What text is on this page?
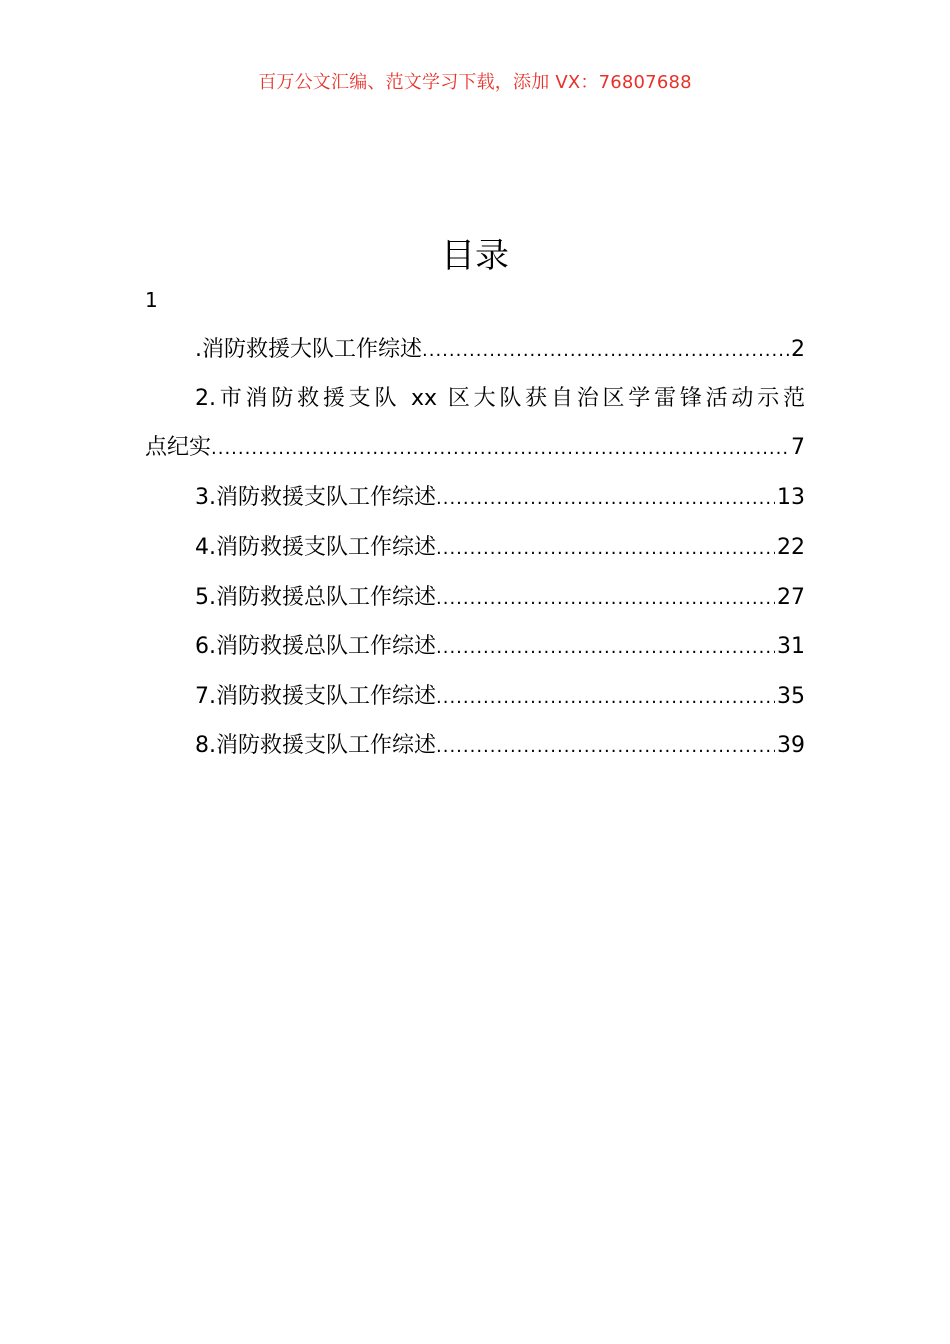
百万公文汇编、范文学习下载，添加 VX：76807688
目录
1
.消防救援大队工作综述 .....	2
2.市消防救援支队 xx 区大队获自治区学雷锋活动示范
点纪实 .....	7
3.消防救援支队工作综述 .....	13
4.消防救援支队工作综述 .....	22
5.消防救援总队工作综述 .....	27
6.消防救援总队工作综述 .....	31
7.消防救援支队工作综述 .....	35
8.消防救援支队工作综述 .....	39
